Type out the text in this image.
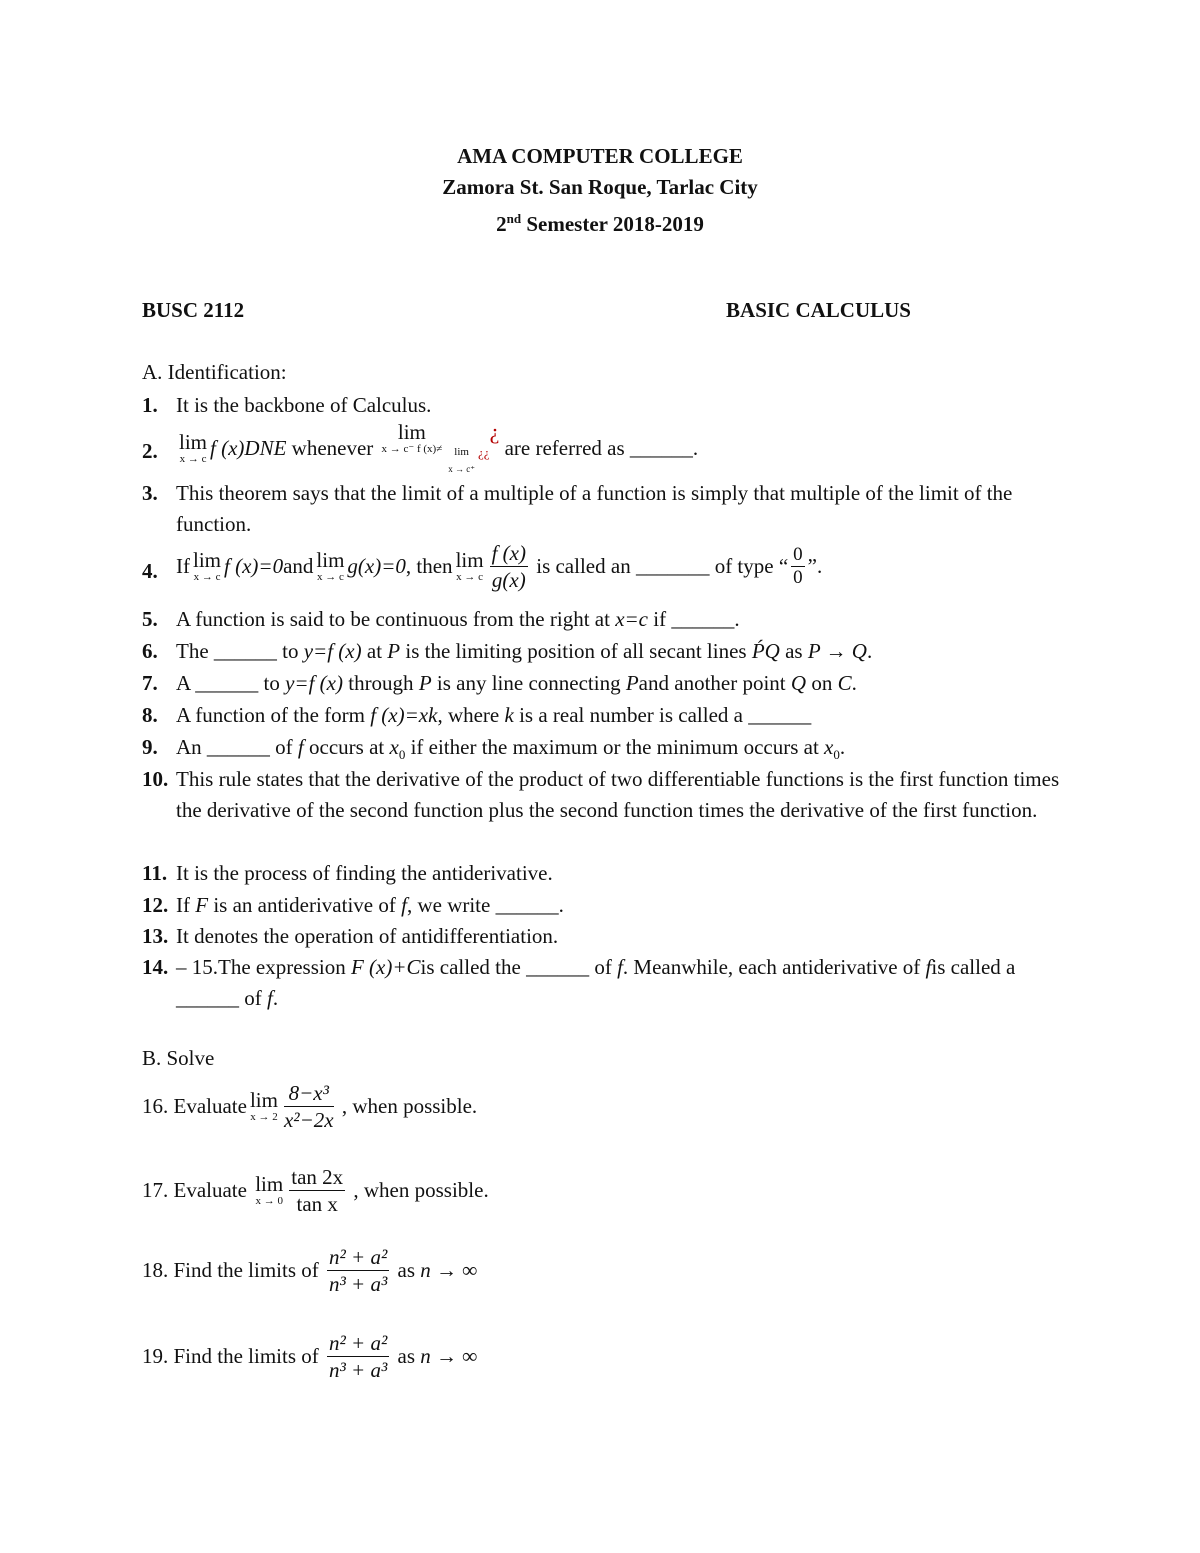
AMA COMPUTER COLLEGE
Zamora St. San Roque, Tarlac City
2nd Semester 2018-2019
BUSC 2112	BASIC CALCULUS
A. Identification:
1. It is the backbone of Calculus.
2. lim
x → c f (x)DNE whenever lim
x → c⁻ f (x)≠ lim
x → c⁺
$_{¿¿}$¿ are referred as ______.
3. This theorem says that the limit of a multiple of a function is simply that multiple of the limit of the function.
4. If lim
x → c f (x)=0 and lim
x → c g(x)=0 , then lim
x → c $\frac{f (x)}{g(x)}$ is called an _______ of type “ $\frac{0}{0}$ ”.
5. A function is said to be continuous from the right at x=c if ______.
6. The ______ to y=f (x) at P is the limiting position of all secant lines ṔQ as P → Q.
7. A ______ to y=f (x) through P is any line connecting Pand another point Q on C.
8. A function of the form f (x)=xk, where k is a real number is called a ______
9. An ______ of f occurs at $x_0$ if either the maximum or the minimum occurs at $x_0$.
10. This rule states that the derivative of the product of two differentiable functions is the first function times the derivative of the second function plus the second function times the derivative of the first function.
11. It is the process of finding the antiderivative.
12. If F is an antiderivative of f, we write ______.
13. It denotes the operation of antidifferentiation.
14. – 15.The expression F (x)+Cis called the ______ of f. Meanwhile, each antiderivative of fis called a ______ of f.
B. Solve
16. Evaluate lim
$x \to 2 \frac{\text{8−x³}}{\text{x²−2x}}$ , when possible.
17. Evaluate lim
$x \to 0 \frac{\tan 2x}{\text{tan x}}$ , when possible.
18. Find the limits of $\frac{\text{n² + a²}}{\text{n³ + a³}}$ as n → ∞
19. Find the limits of $\frac{\text{n² + a²}}{\text{n³ + a³}}$ as n → ∞
